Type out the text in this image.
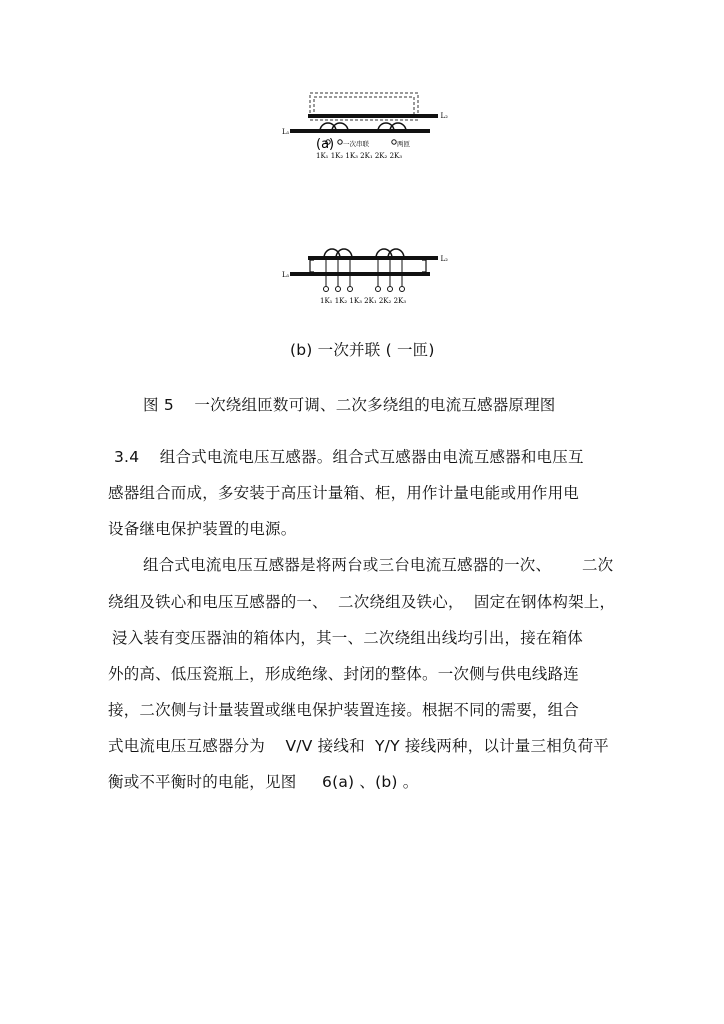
L₂
L₁
(a) 一次串联	两匝
1K₁ 1K₂ 1K₃ 2K₁ 2K₂ 2K₃
L₂
L₁
1K₁ 1K₂ 1K₃ 2K₁ 2K₂ 2K₃
(b) 一次并联 ( 一匝)
图 5    一次绕组匝数可调、二次多绕组的电流互感器原理图
3.4    组合式电流电压互感器。组合式互感器由电流互感器和电压互
感器组合而成，多安装于高压计量箱、柜，用作计量电能或用作用电
设备继电保护装置的电源。
组合式电流电压互感器是将两台或三台电流互感器的一次、      二次
绕组及铁心和电压互感器的一、  二次绕组及铁心，  固定在钢体构架上，
浸入装有变压器油的箱体内，其一、二次绕组出线均引出，接在箱体
外的高、低压瓷瓶上，形成绝缘、封闭的整体。一次侧与供电线路连
接，二次侧与计量装置或继电保护装置连接。根据不同的需要，组合
式电流电压互感器分为    V/V 接线和  Y/Y 接线两种，以计量三相负荷平
衡或不平衡时的电能，见图     6(a) 、(b) 。
